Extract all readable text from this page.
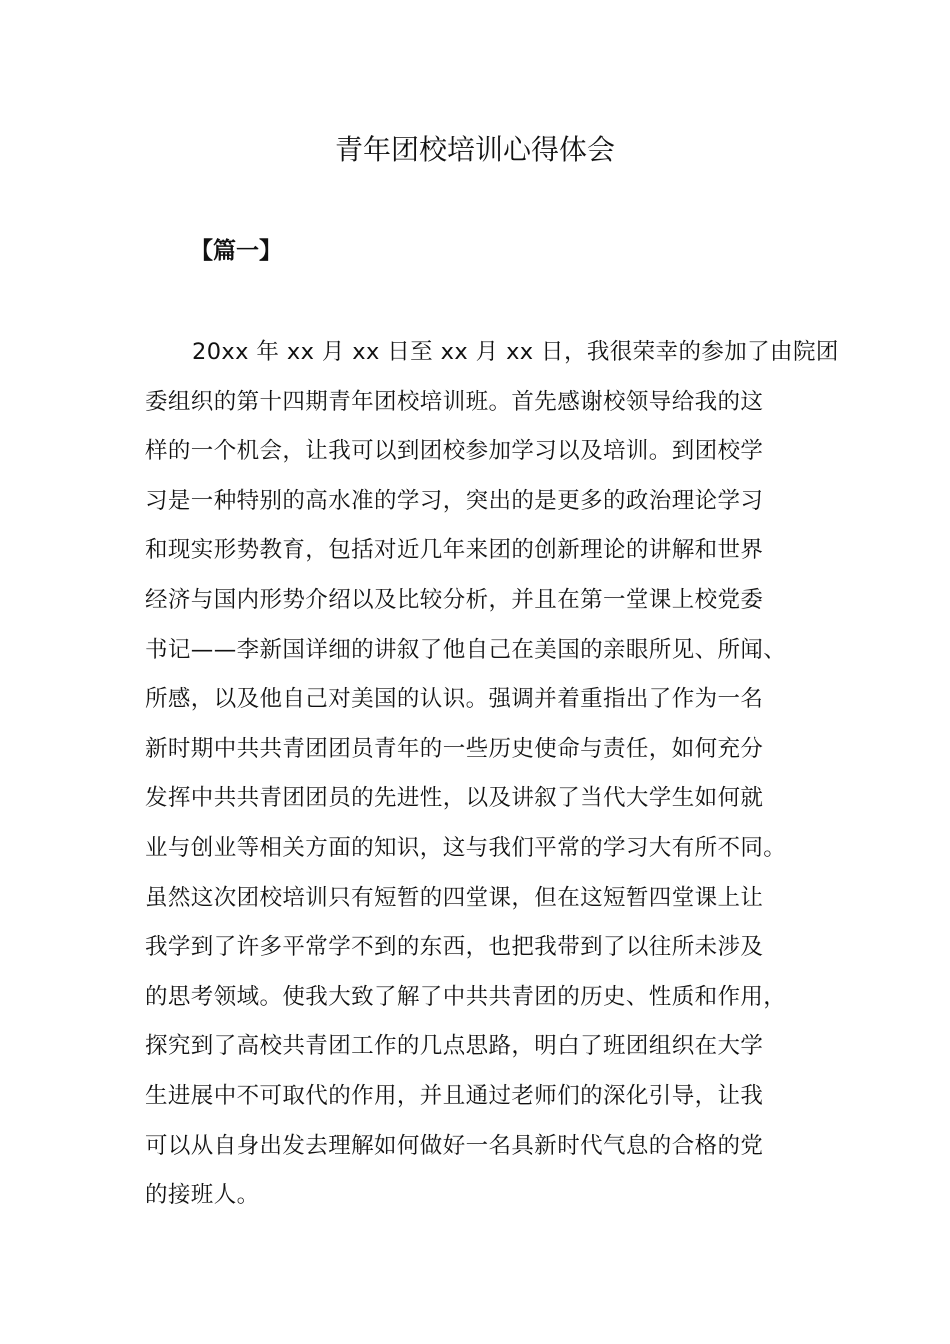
青年团校培训心得体会
【篇一】
20xx 年 xx 月 xx 日至 xx 月 xx 日，我很荣幸的参加了由院团
委组织的第十四期青年团校培训班。首先感谢校领导给我的这
样的一个机会，让我可以到团校参加学习以及培训。到团校学
习是一种特别的高水准的学习，突出的是更多的政治理论学习
和现实形势教育，包括对近几年来团的创新理论的讲解和世界
经济与国内形势介绍以及比较分析，并且在第一堂课上校党委
书记——李新国详细的讲叙了他自己在美国的亲眼所见、所闻、
所感，以及他自己对美国的认识。强调并着重指出了作为一名
新时期中共共青团团员青年的一些历史使命与责任，如何充分
发挥中共共青团团员的先进性，以及讲叙了当代大学生如何就
业与创业等相关方面的知识，这与我们平常的学习大有所不同。
虽然这次团校培训只有短暂的四堂课，但在这短暂四堂课上让
我学到了许多平常学不到的东西，也把我带到了以往所未涉及
的思考领域。使我大致了解了中共共青团的历史、性质和作用，
探究到了高校共青团工作的几点思路，明白了班团组织在大学
生进展中不可取代的作用，并且通过老师们的深化引导，让我
可以从自身出发去理解如何做好一名具新时代气息的合格的党
的接班人。
